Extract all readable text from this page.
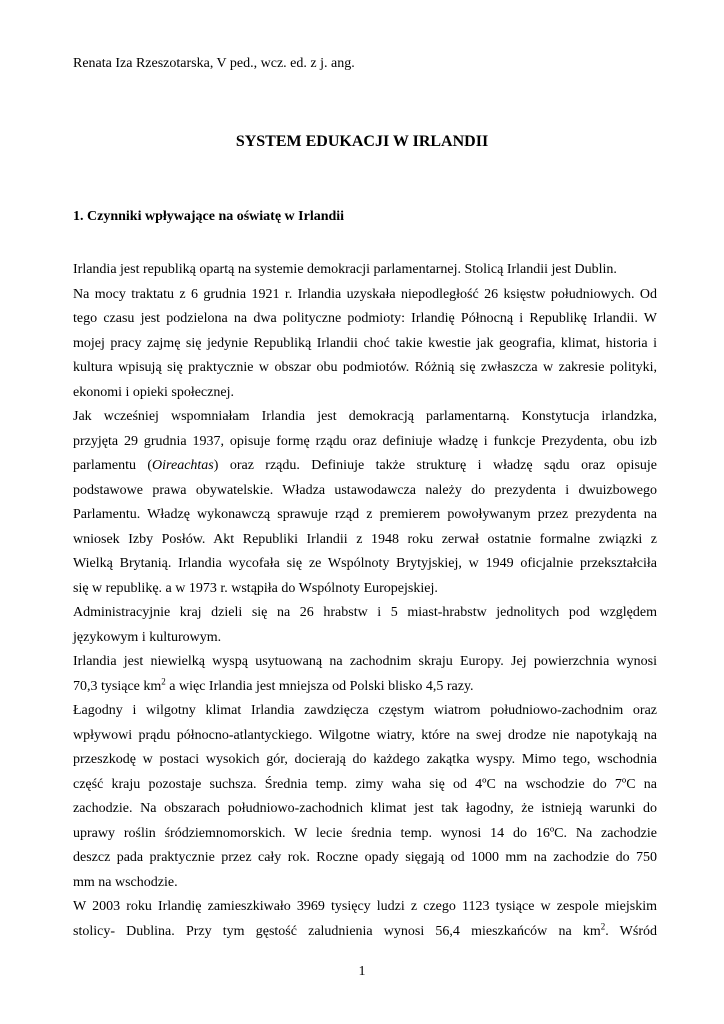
Renata Iza Rzeszotarska, V ped., wcz. ed. z j. ang.
SYSTEM EDUKACJI W IRLANDII
1. Czynniki wpływające na oświatę w Irlandii
Irlandia jest republiką opartą na systemie demokracji parlamentarnej. Stolicą Irlandii jest Dublin.
Na mocy traktatu z 6 grudnia 1921 r. Irlandia uzyskała niepodległość 26 księstw południowych. Od
tego czasu jest podzielona na dwa polityczne podmioty: Irlandię Północną i Republikę Irlandii. W
mojej pracy zajmę się jedynie Republiką Irlandii choć takie kwestie jak geografia, klimat, historia i
kultura wpisują się praktycznie w obszar obu podmiotów. Różnią się zwłaszcza w zakresie polityki,
ekonomi i opieki społecznej.
Jak wcześniej wspomniałam Irlandia jest demokracją parlamentarną. Konstytucja irlandzka,
przyjęta 29 grudnia 1937, opisuje formę rządu oraz definiuje władzę i funkcje Prezydenta, obu izb
parlamentu (Oireachtas) oraz rządu. Definiuje także strukturę i władzę sądu oraz opisuje
podstawowe prawa obywatelskie. Władza ustawodawcza należy do prezydenta i dwuizbowego
Parlamentu. Władzę wykonawczą sprawuje rząd z premierem powoływanym przez prezydenta na
wniosek Izby Posłów. Akt Republiki Irlandii z 1948 roku zerwał ostatnie formalne związki z
Wielką Brytanią. Irlandia wycofała się ze Wspólnoty Brytyjskiej, w 1949 oficjalnie przekształciła
się w republikę. a w 1973 r. wstąpiła do Wspólnoty Europejskiej.
Administracyjnie kraj dzieli się na 26 hrabstw i 5 miast-hrabstw jednolitych pod względem
językowym i kulturowym.
Irlandia jest niewielką wyspą usytuowaną na zachodnim skraju Europy. Jej powierzchnia wynosi
70,3 tysiące $km^2$ a więc Irlandia jest mniejsza od Polski blisko 4,5 razy.
Łagodny i wilgotny klimat Irlandia zawdzięcza częstym wiatrom południowo-zachodnim oraz
wpływowi prądu północno-atlantyckiego. Wilgotne wiatry, które na swej drodze nie napotykają na
przeszkodę w postaci wysokich gór, docierają do każdego zakątka wyspy. Mimo tego, wschodnia
część kraju pozostaje suchsza. Średnia temp. zimy waha się od 4ºC na wschodzie do 7ºC na
zachodzie. Na obszarach południowo-zachodnich klimat jest tak łagodny, że istnieją warunki do
uprawy roślin śródziemnomorskich. W lecie średnia temp. wynosi 14 do 16ºC. Na zachodzie
deszcz pada praktycznie przez cały rok. Roczne opady sięgają od 1000 mm na zachodzie do 750
mm na wschodzie.
W 2003 roku Irlandię zamieszkiwało 3969 tysięcy ludzi z czego 1123 tysiące w zespole miejskim
stolicy- Dublina. Przy tym gęstość zaludnienia wynosi 56,4 mieszkańców na $km^2$. Wśród
1
